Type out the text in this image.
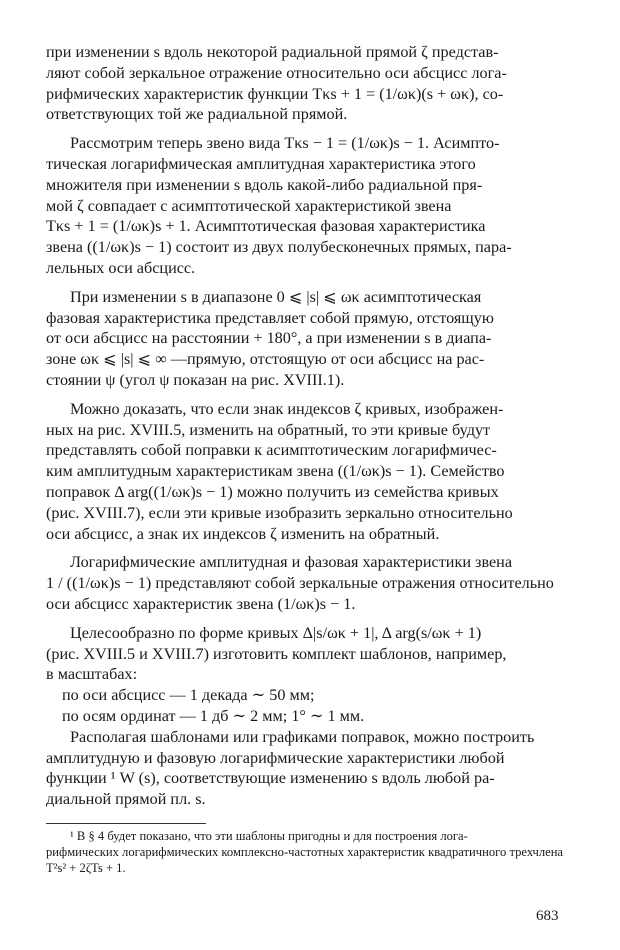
при изменении s вдоль некоторой радиальной прямой ζ представ-
ляют собой зеркальное отражение относительно оси абсцисс лога-
рифмических характеристик функции Tκs + 1 = (1/ωκ)(s + ωκ), со-
ответствующих той же радиальной прямой.

Рассмотрим теперь звено вида Tκs − 1 = (1/ωκ)s − 1. Асимпто-
тическая логарифмическая амплитудная характеристика этого
множителя при изменении s вдоль какой-либо радиальной пря-
мой ζ совпадает с асимптотической характеристикой звена
Tκs + 1 = (1/ωκ)s + 1. Асимптотическая фазовая характеристика
звена ((1/ωκ)s − 1) состоит из двух полубесконечных прямых, пара-
лельных оси абсцисс.

При изменении s в диапазоне 0 ⩽ |s| ⩽ ωκ асимптотическая
фазовая характеристика представляет собой прямую, отстоящую
от оси абсцисс на расстоянии + 180°, а при изменении s в диапа-
зоне ωκ ⩽ |s| ⩽ ∞ —прямую, отстоящую от оси абсцисс на рас-
стоянии ψ (угол ψ показан на рис. XVIII.1).

Можно доказать, что если знак индексов ζ кривых, изображен-
ных на рис. XVIII.5, изменить на обратный, то эти кривые будут
представлять собой поправки к асимптотическим логарифмичес-
ким амплитудным характеристикам звена ((1/ωκ)s − 1). Семейство
поправок Δ arg((1/ωκ)s − 1) можно получить из семейства кривых
(рис. XVIII.7), если эти кривые изобразить зеркально относительно
оси абсцисс, а знак их индексов ζ изменить на обратный.

Логарифмические амплитудная и фазовая характеристики звена
1 / ((1/ωκ)s − 1) представляют собой зеркальные отражения относительно
оси абсцисс характеристик звена (1/ωκ)s − 1.

Целесообразно по форме кривых Δ|s/ωκ + 1|, Δ arg(s/ωκ + 1)
(рис. XVIII.5 и XVIII.7) изготовить комплект шаблонов, например,
в масштабах:

по оси абсцисс — 1 декада ∼ 50 мм;
по осям ординат — 1 дб ∼ 2 мм; 1° ∼ 1 мм.

Располагая шаблонами или графиками поправок, можно построить
амплитудную и фазовую логарифмические характеристики любой
функции ¹ W (s), соответствующие изменению s вдоль любой ра-
диальной прямой пл. s.

¹ В § 4 будет показано, что эти шаблоны пригодны и для построения лога-
рифмических логарифмических комплексно-частотных характеристик квадратичного трехчлена
T²s² + 2ζTs + 1.

683
